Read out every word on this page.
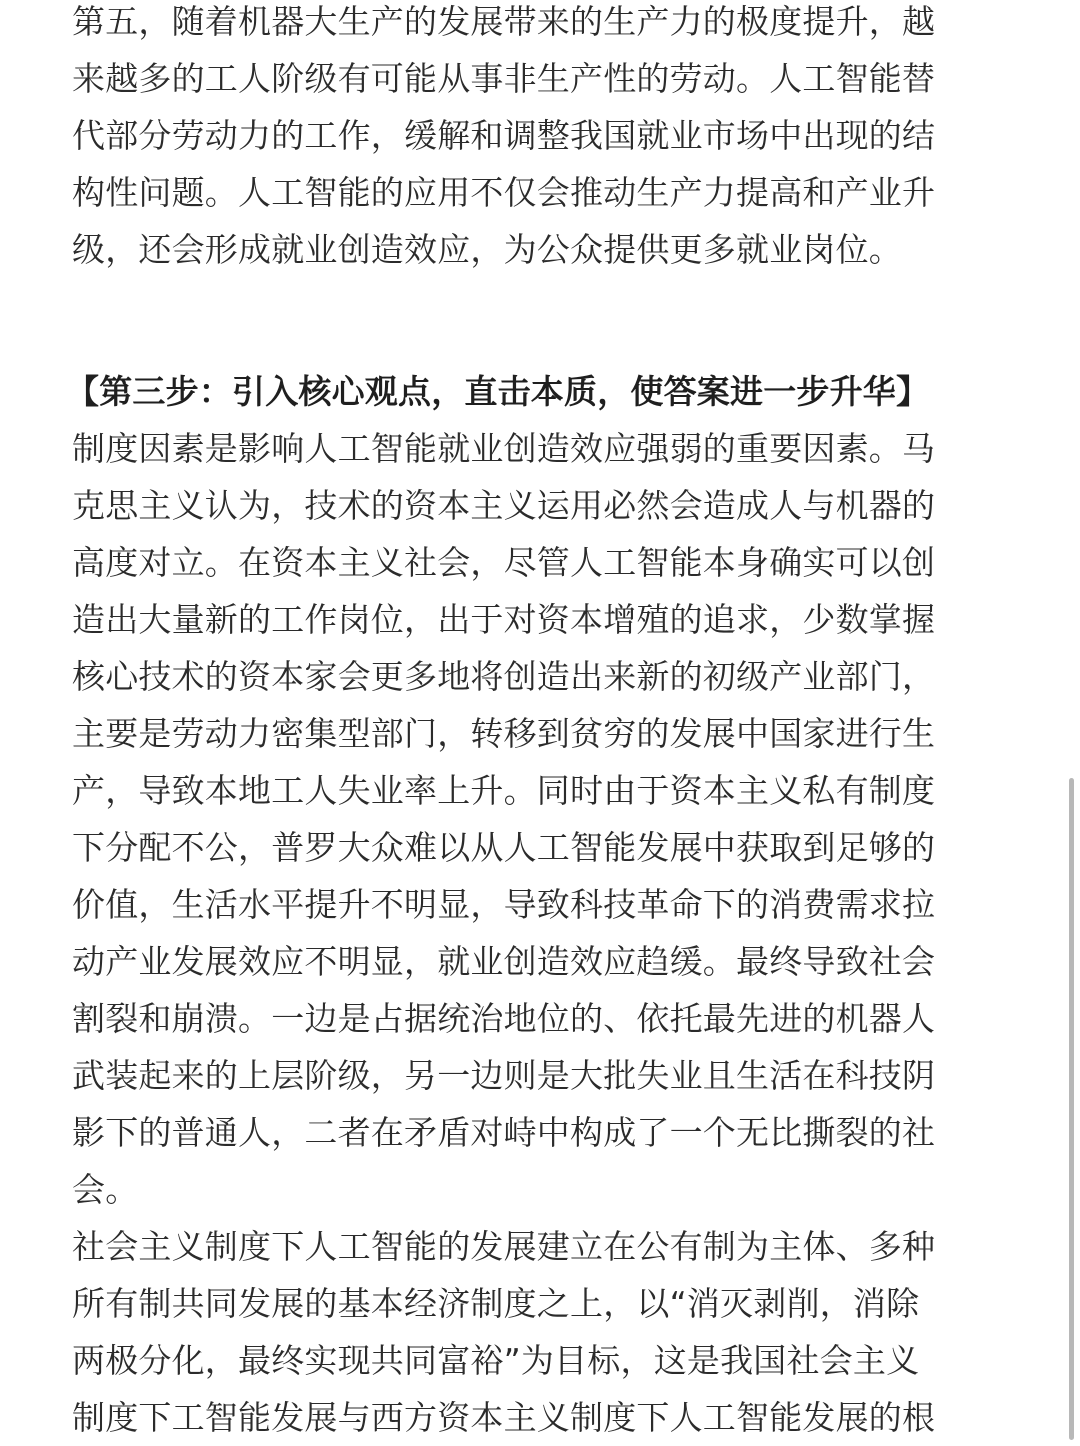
第五，随着机器大生产的发展带来的生产力的极度提升，越
来越多的工人阶级有可能从事非生产性的劳动。人工智能替
代部分劳动力的工作，缓解和调整我国就业市场中出现的结
构性问题。人工智能的应用不仅会推动生产力提高和产业升
级，还会形成就业创造效应，为公众提供更多就业岗位。
【第三步：引入核心观点，直击本质，使答案进一步升华】
制度因素是影响人工智能就业创造效应强弱的重要因素。马
克思主义认为，技术的资本主义运用必然会造成人与机器的
高度对立。在资本主义社会，尽管人工智能本身确实可以创
造出大量新的工作岗位，出于对资本增殖的追求，少数掌握
核心技术的资本家会更多地将创造出来新的初级产业部门，
主要是劳动力密集型部门，转移到贫穷的发展中国家进行生
产，导致本地工人失业率上升。同时由于资本主义私有制度
下分配不公，普罗大众难以从人工智能发展中获取到足够的
价值，生活水平提升不明显，导致科技革命下的消费需求拉
动产业发展效应不明显，就业创造效应趋缓。最终导致社会
割裂和崩溃。一边是占据统治地位的、依托最先进的机器人
武装起来的上层阶级，另一边则是大批失业且生活在科技阴
影下的普通人，二者在矛盾对峙中构成了一个无比撕裂的社
会。
社会主义制度下人工智能的发展建立在公有制为主体、多种
所有制共同发展的基本经济制度之上，以“消灭剥削，消除
两极分化，最终实现共同富裕”为目标，这是我国社会主义
制度下工智能发展与西方资本主义制度下人工智能发展的根
